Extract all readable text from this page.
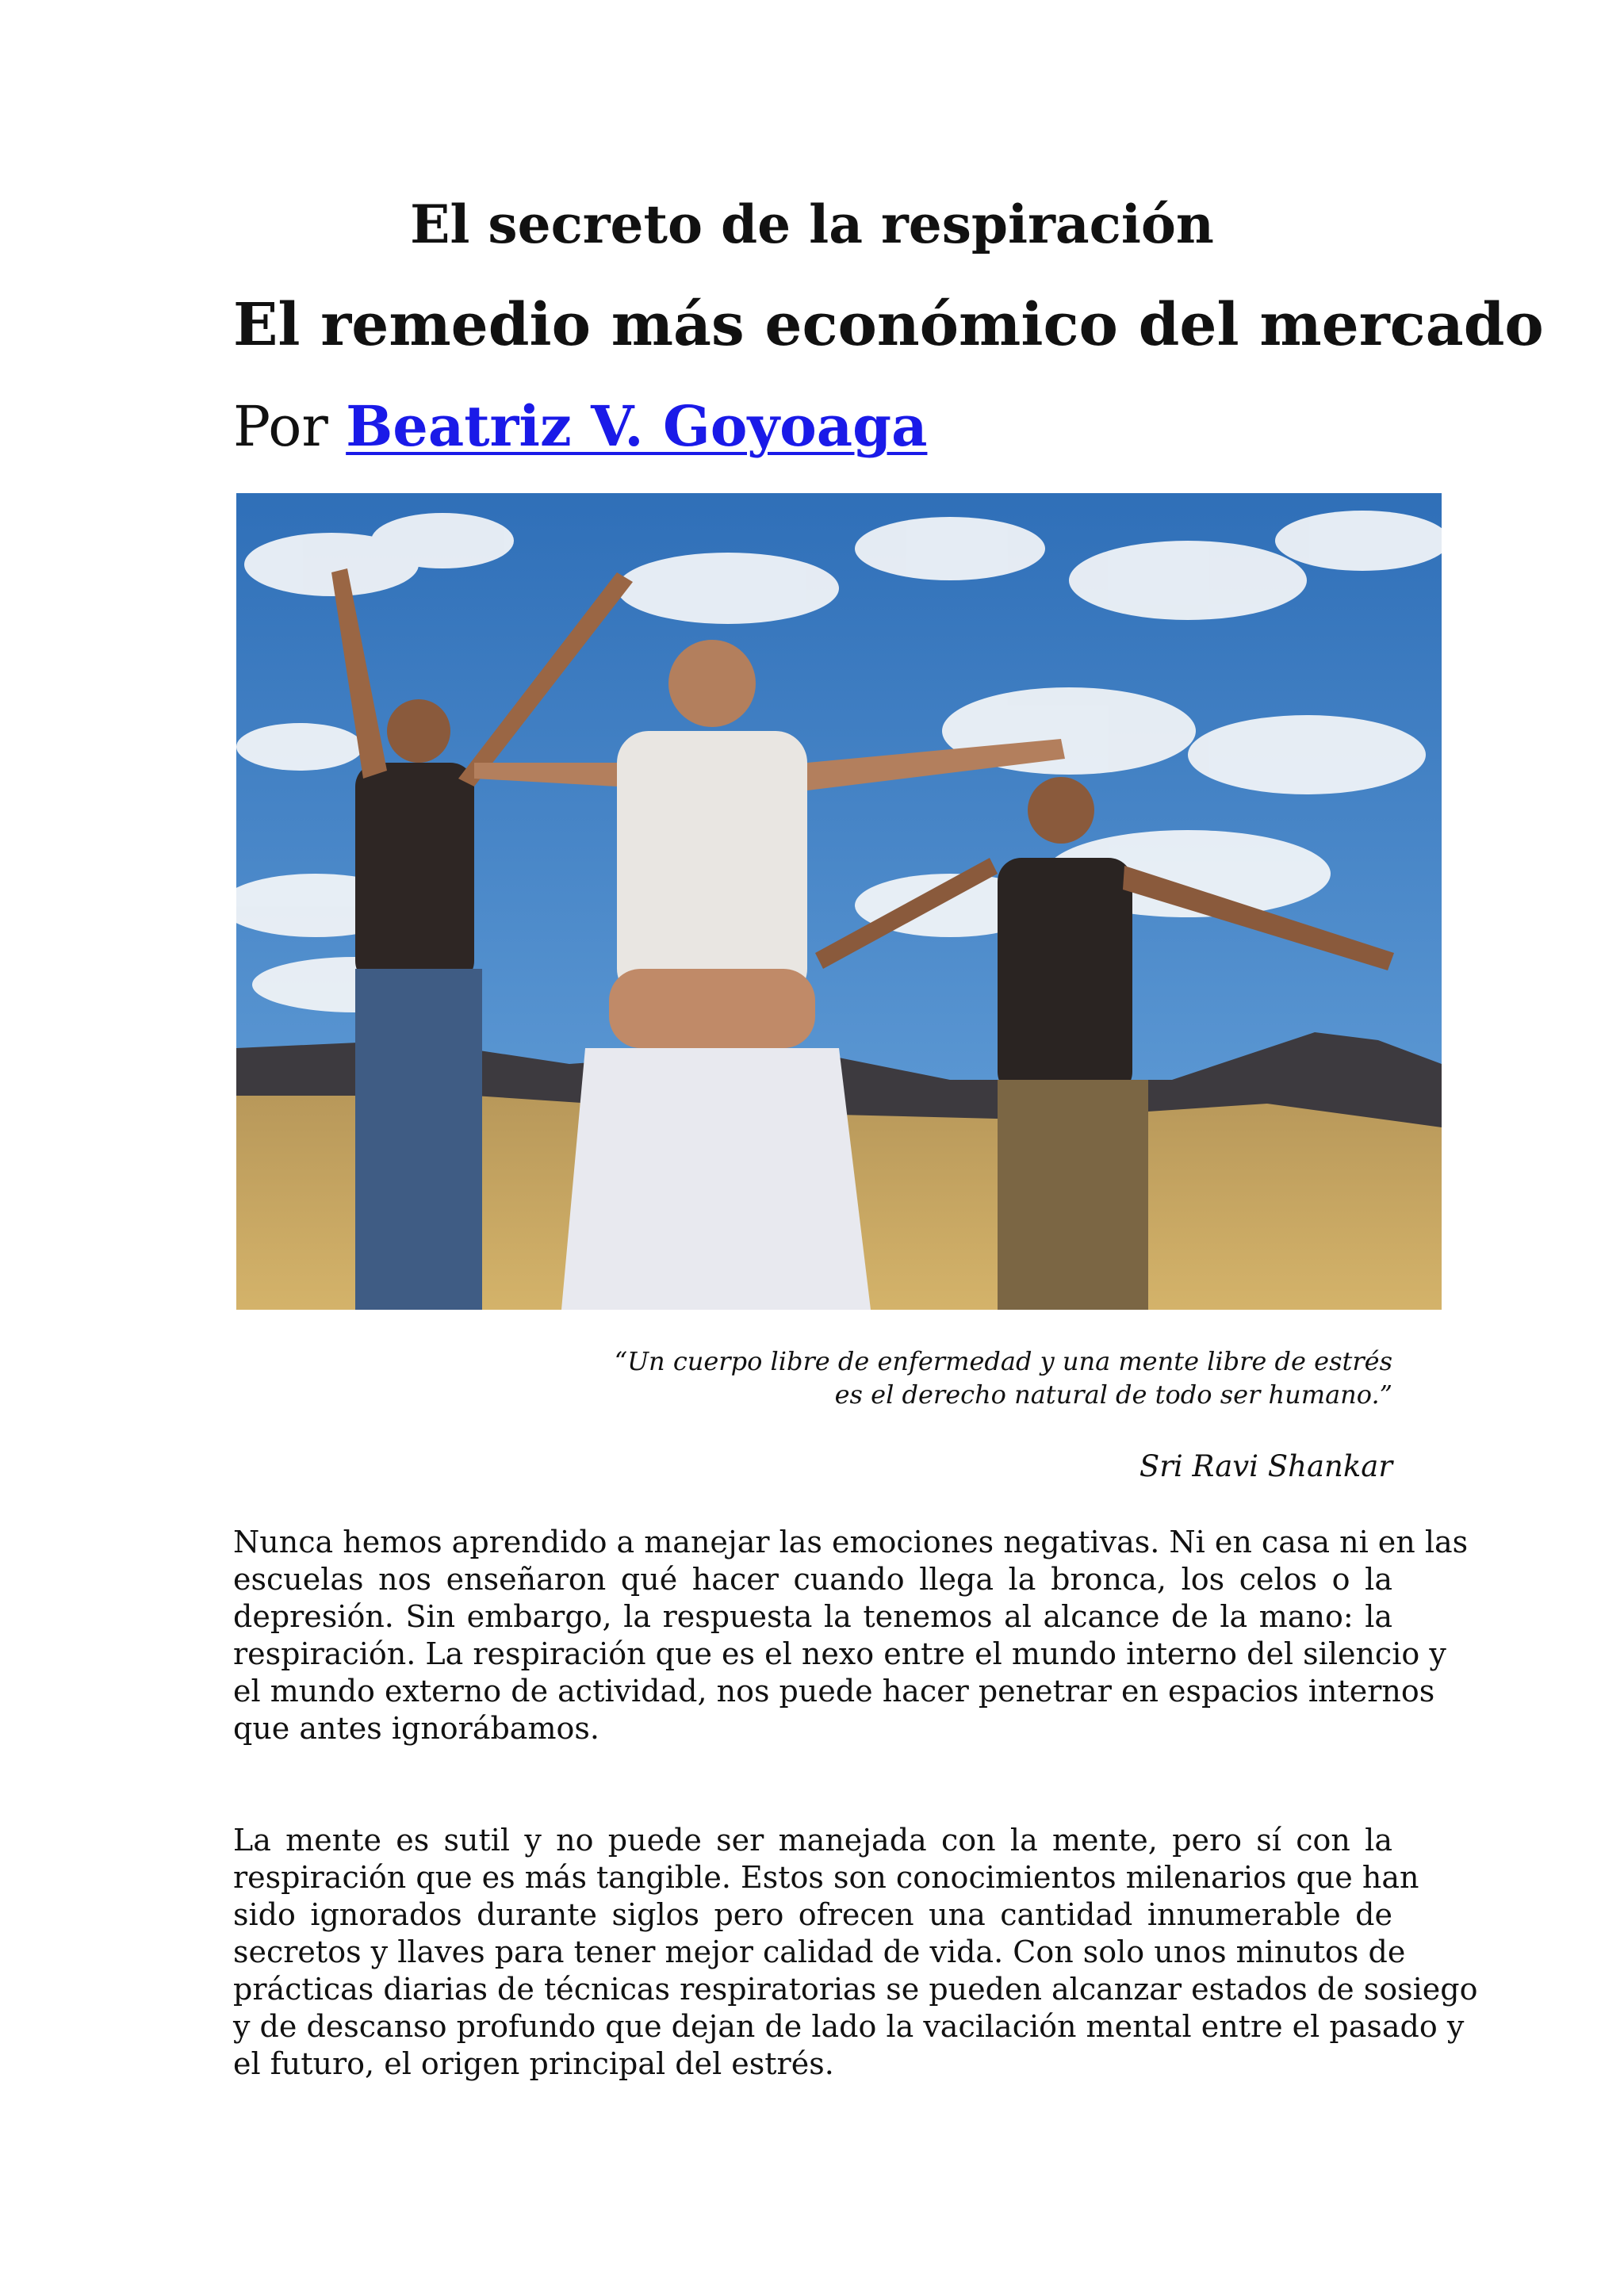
El secreto de la respiración
El remedio más económico del mercado
Por Beatriz V. Goyoaga
“Un cuerpo libre de enfermedad y una mente libre de estrés
es el derecho natural de todo ser humano.”
Sri Ravi Shankar
Nunca hemos aprendido a manejar las emociones negativas. Ni en casa ni en las
escuelas nos enseñaron qué hacer cuando llega la bronca, los celos o la
depresión. Sin embargo, la respuesta la tenemos al alcance de la mano: la
respiración. La respiración que es el nexo entre el mundo interno del silencio y
el mundo externo de actividad, nos puede hacer penetrar en espacios internos
que antes ignorábamos.
La mente es sutil y no puede ser manejada con la mente, pero sí con la
respiración que es más tangible. Estos son conocimientos milenarios que han
sido ignorados durante siglos pero ofrecen una cantidad innumerable de
secretos y llaves para tener mejor calidad de vida. Con solo unos minutos de
prácticas diarias de técnicas respiratorias se pueden alcanzar estados de sosiego
y de descanso profundo que dejan de lado la vacilación mental entre el pasado y
el futuro, el origen principal del estrés.
